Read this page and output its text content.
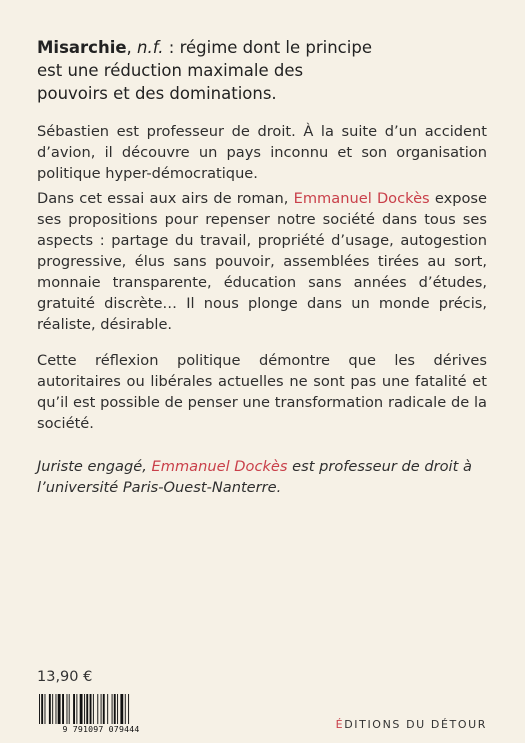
Misarchie, n.f. : régime dont le principe est une réduction maximale des pouvoirs et des dominations.
Sébastien est professeur de droit. À la suite d’un accident d’avion, il découvre un pays inconnu et son organisation politique hyper-démocratique.
Dans cet essai aux airs de roman, Emmanuel Dockès expose ses propositions pour repenser notre société dans tous ses aspects : partage du travail, propriété d’usage, autogestion progressive, élus sans pouvoir, assemblées tirées au sort, monnaie transparente, éducation sans années d’études, gratuité discrète… Il nous plonge dans un monde précis, réaliste, désirable.
Cette réflexion politique démontre que les dérives autoritaires ou libérales actuelles ne sont pas une fatalité et qu’il est possible de penser une transformation radicale de la société.
Juriste engagé, Emmanuel Dockès est professeur de droit à l’université Paris-Ouest-Nanterre.
13,90 €
9 791097 079444	ÉDITIONS DU DÉTOUR
